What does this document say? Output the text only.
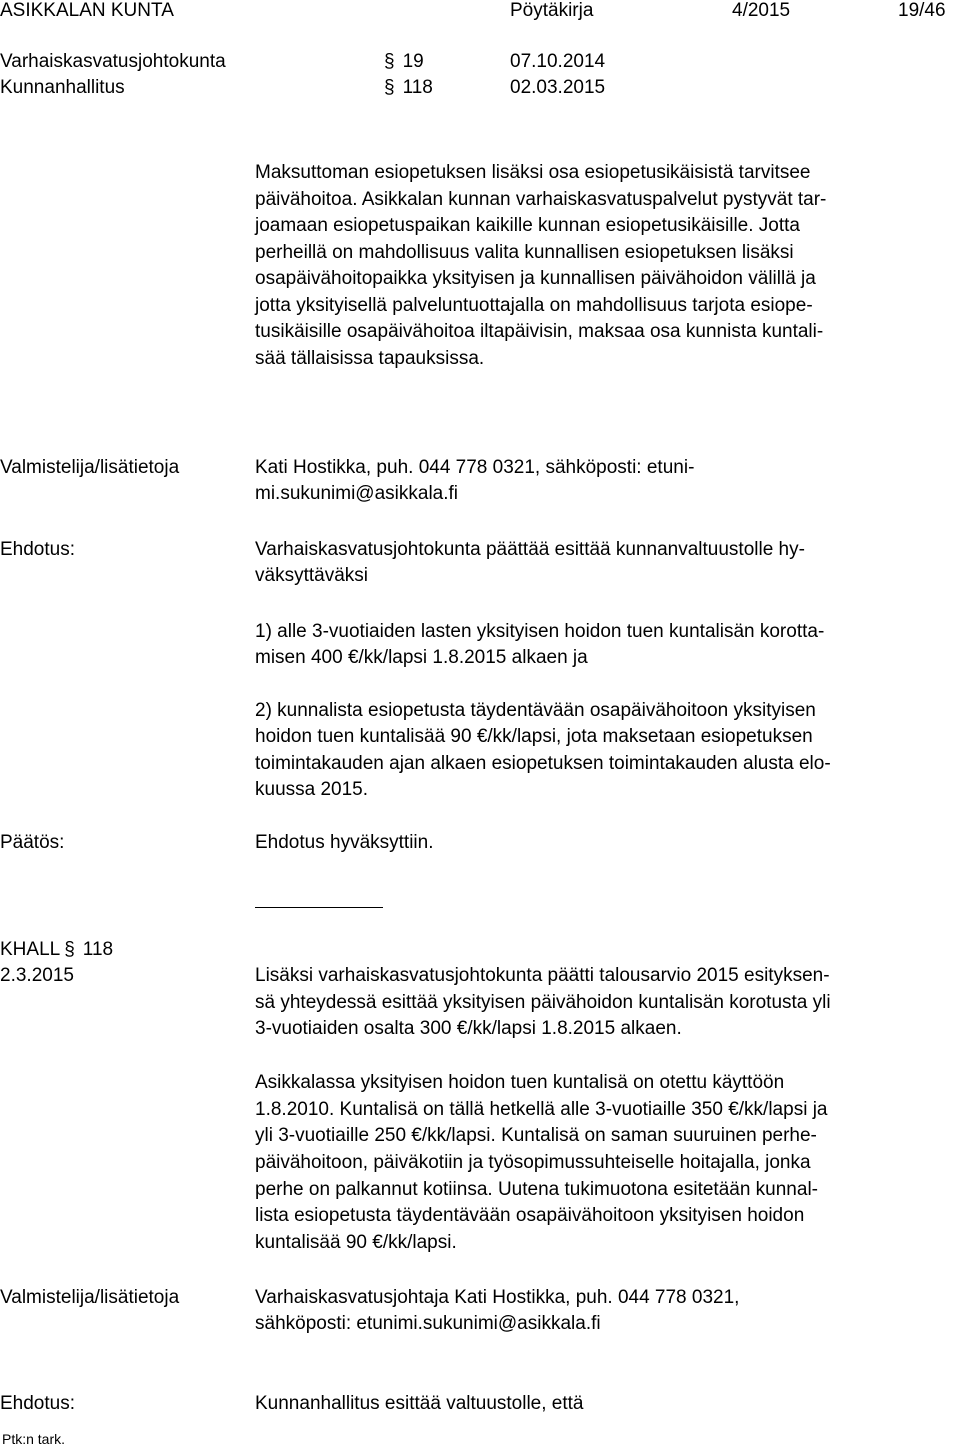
ASIKKALAN KUNTA	Pöytäkirja	4/2015	19/46
Varhaiskasvatusjohtokunta	§ 19	07.10.2014
Kunnanhallitus	§ 118	02.03.2015
Maksuttoman esiopetuksen lisäksi osa esiopetusikäisistä tarvitsee
päivähoitoa. Asikkalan kunnan varhaiskasvatuspalvelut pystyvät tar-
joamaan esiopetuspaikan kaikille kunnan esiopetusikäisille. Jotta
perheillä on mahdollisuus valita kunnallisen esiopetuksen lisäksi
osapäivähoitopaikka yksityisen ja kunnallisen päivähoidon välillä ja
jotta yksityisellä palveluntuottajalla on mahdollisuus tarjota esiope-
tusikäisille osapäivähoitoa iltapäivisin, maksaa osa kunnista kuntali-
sää tällaisissa tapauksissa.
Valmistelija/lisätietoja	Kati Hostikka, puh. 044 778 0321, sähköposti: etuni-
mi.sukunimi@asikkala.fi
Ehdotus:	Varhaiskasvatusjohtokunta päättää esittää kunnanvaltuustolle hy-
väksyttäväksi
1) alle 3-vuotiaiden lasten yksityisen hoidon tuen kuntalisän korotta-
misen 400 €/kk/lapsi 1.8.2015 alkaen ja
2) kunnalista esiopetusta täydentävään osapäivähoitoon yksityisen
hoidon tuen kuntalisää 90 €/kk/lapsi, jota maksetaan esiopetuksen
toimintakauden ajan alkaen esiopetuksen toimintakauden alusta elo-
kuussa 2015.
Päätös:	Ehdotus hyväksyttiin.
KHALL § 118
2.3.2015	Lisäksi varhaiskasvatusjohtokunta päätti talousarvio 2015 esityksen-
sä yhteydessä esittää yksityisen päivähoidon kuntalisän korotusta yli
3-vuotiaiden osalta 300 €/kk/lapsi 1.8.2015 alkaen.
Asikkalassa yksityisen hoidon tuen kuntalisä on otettu käyttöön
1.8.2010. Kuntalisä on tällä hetkellä alle 3-vuotiaille 350 €/kk/lapsi ja
yli 3-vuotiaille 250 €/kk/lapsi. Kuntalisä on saman suuruinen perhe-
päivähoitoon, päiväkotiin ja työsopimussuhteiselle hoitajalla, jonka
perhe on palkannut kotiinsa. Uutena tukimuotona esitetään kunnal-
lista esiopetusta täydentävään osapäivähoitoon yksityisen hoidon
kuntalisää 90 €/kk/lapsi.
Valmistelija/lisätietoja	Varhaiskasvatusjohtaja Kati Hostikka, puh. 044 778 0321,
sähköposti: etunimi.sukunimi@asikkala.fi
Ehdotus:	Kunnanhallitus esittää valtuustolle, että
Ptk:n tark.
